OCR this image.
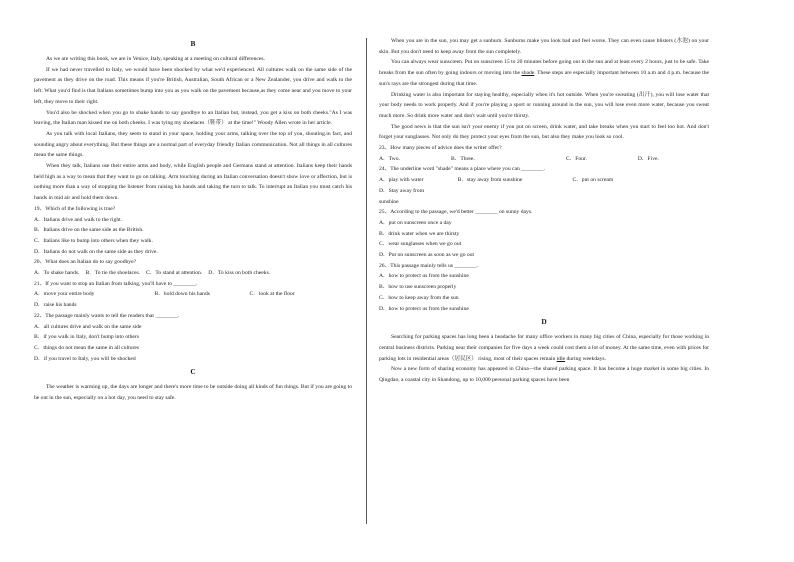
B

As we are writing this book, we are in Venice, Italy, speaking at a meeting on cultural differences.

If we had never travelled to Italy, we would have been shocked by what we'd experienced. All cultures walk on the same side of the pavement as they drive on the road. This means if you're British, Australian, South African or a New Zealander, you drive and walk to the left. What you'd find is that Italians sometimes bump into you as you walk on the pavement because,as they come near and you move to your left, they move to their right.

You'd also be shocked when you go to shake hands to say goodbye to an Italian but, instead, you get a kiss on both cheeks."As I was leaving, the Italian man kissed me on both cheeks. I was tying my shoelaces（鞋带） at the time!" Woody Allen wrote in her article.

As you talk with local Italians, they seem to stand in your space, holding your arms, talking over the top of you, shouting.in fact, and sounding angry about everything. But these things are a normal part of everyday friendly Italian communication. Not all things in all cultures mean the same things.

When they talk, Italians use their entire arms and body, while English people and Germans stand at attention. Italians keep their hands held high as a way to mean that they want to go on talking. Arm touching during an Italian conversation doesn't show love or affection, but is nothing more than a way of stopping the listener from raising his hands and taking the turn to talk. To interrupt an Italian you must catch his hands in mid air and hold them down.

19、Which of the following is true?
A．Italians drive and walk to the right.
B．Italians drive on the same side as the British.
C．Italians like to bump into others when they walk.
D．Italians do not walk on the same side as they drive.
20、What does an Italian do to say goodbye?
A．To shake hands.	B．To tie the shoelaces.	C．To stand at attention.	D．To kiss on both cheeks.
21、If you want to stop an Italian from talking, you'll have to ________.
A．move your entire body	B．hold down his hands	C．look at the floor
D．raise his hands
22、The passage mainly wants to tell the readers that ________.
A．all cultures drive and walk on the same side
B．if you walk in Italy, don't bump into others
C．things do not mean the same in all cultures
D．if you travel to Italy, you will be shocked
C

The weather is warming up, the days are longer and there's more time to be outside doing all kinds of fun things. But if you are going to be out in the sun, especially on a hot day, you need to stay safe.

When you are in the sun, you may get a sunburn. Sunburns make you look bad and feel worse. They can even cause blisters (水泡) on your skin. But you don't need to keep away from the sun completely.

You can always wear sunscreen. Put on sunscreen 15 to 20 minutes before going out in the sun and at least every 2 hours, just to be safe. Take breaks from the sun often by going indoors or moving into the shade. These steps are especially important between 10 a.m and 4 p.m. because the sun's rays are the strongest during that time.

Drinking water is also important for staying healthy, especially when it's hot outside. When you're sweating (出汗), you will lose water that your body needs to work properly. And if you're playing a sport or running around in the sun, you will lose even more water, because you sweat much more. So drink more water and don't wait until you're thirsty.

The good news is that the sun isn't your enemy if you put on screen, drink water, and take breaks when you start to feel too hot. And don't forget your sunglasses. Not only do they protect your eyes from the sun, but also they make you look so cool.

23、How many pieces of advice does the writer offer?
A．Two.	B．Three.	C．Four.	D．Five.
24、The underline word "shade" means a place where you can ________.
A．play with water	B．stay away from sunshine	C．put on scream
D．Stay away from sunshine
25、According to the passage, we'd better ________ on sunny days.
A．put on sunscreen once a day
B．drink water when we are thirsty
C．wear sunglasses when we go out
D．Put on sunscreen as soon as we go out
26、This passage mainly tells us ________.
A．how to protect us from the sunshine
B．how to use sunscreen properly
C．how to keep away from the sun
D．how to protect us from the sunshine
D

Searching for parking spaces has long been a headache for many office workers in many big cities of China, especially for those working in central business districts. Parking near their companies for five days a week could cost them a lot of money. At the same time, even with prices for parking lots in residential areas（居民区） rising, most of their spaces remain idle during weekdays.

Now a new form of sharing economy has appeared in China—the shared parking space. It has become a huge market in some big cities. In Qingdao, a coastal city in Shandong, up to 10,000 personal parking spaces have been
